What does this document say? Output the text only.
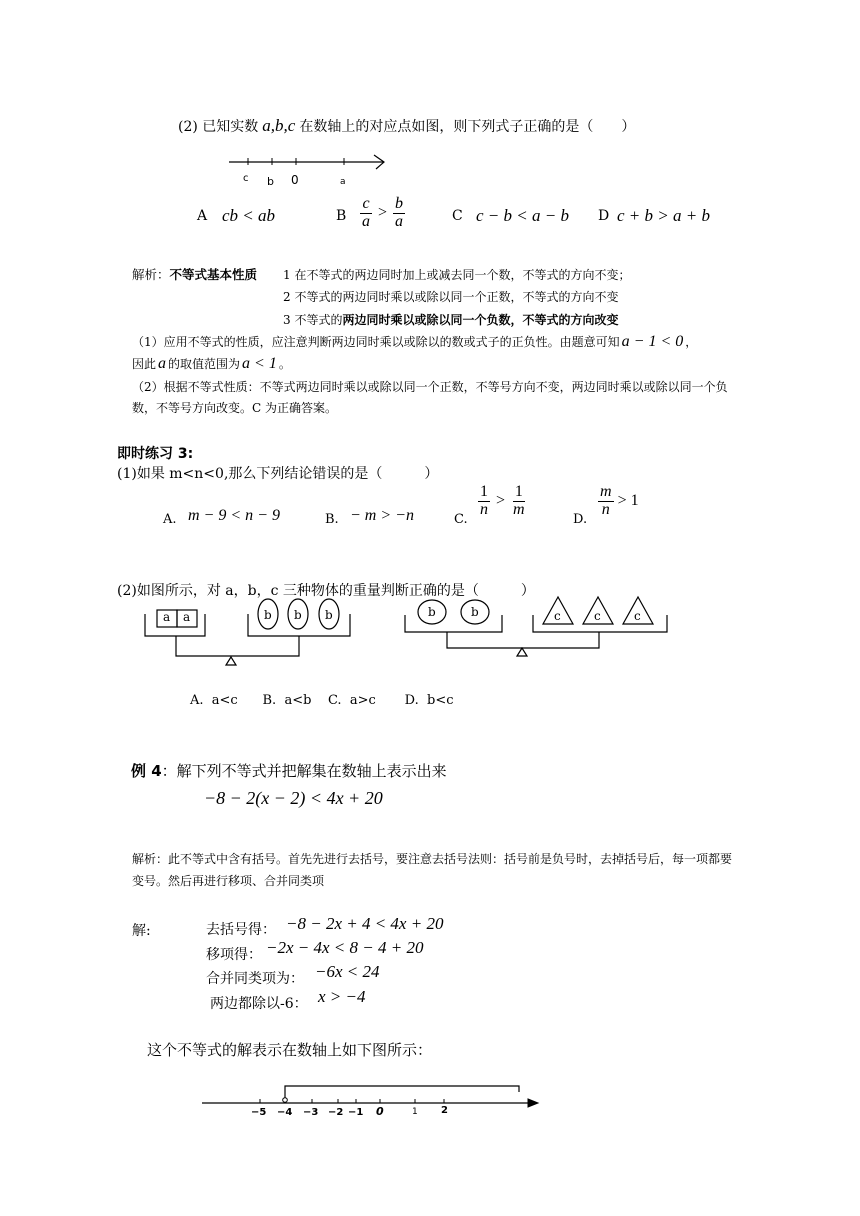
(2) 已知实数 a,b,c 在数轴上的对应点如图，则下列式子正确的是（　　）
c b 0	a
A cb < ab	B $\frac{c}{a} > \frac{b}{a}$	C c − b < a − b D c + b > a + b
解析：不等式基本性质 1 在不等式的两边同时加上或减去同一个数，不等式的方向不变；
2 不等式的两边同时乘以或除以同一个正数，不等式的方向不变
3 不等式的两边同时乘以或除以同一个负数，不等式的方向改变
（1）应用不等式的性质，应注意判断两边同时乘以或除以的数或式子的正负性。由题意可知 a − 1 < 0 ，
因此 a 的取值范围为 a < 1 。
（2）根据不等式性质：不等式两边同时乘以或除以同一个正数，不等号方向不变，两边同时乘以或除以同一个负数，不等号方向改变。C 为正确答案。
即时练习 3:
(1)如果 m<n<0,那么下列结论错误的是（　　　）
A. m − 9 < n − 9	B. − m > −n	C.
$\frac{1}{n} > \frac{1}{m}$
D.
$\frac{m}{n} > 1$
(2)如图所示，对 a，b，c 三种物体的重量判断正确的是（　　　）
a a	b b b	b	b	c	c	c
A.  a<c      B.  a<b    C.  a>c       D.  b<c
例 4：解下列不等式并把解集在数轴上表示出来
−8 − 2(x − 2) < 4x + 20
解析：此不等式中含有括号。首先先进行去括号，要注意去括号法则：括号前是负号时，去掉括号后，每一项都要变号。然后再进行移项、合并同类项
解:	去括号得： −8 − 2x + 4 < 4x + 20
移项得： −2x − 4x < 8 − 4 + 20
合并同类项为： −6x < 24
两边都除以-6： x > −4
这个不等式的解表示在数轴上如下图所示：
−5 −4 −3 −2 −1 0	1 2
